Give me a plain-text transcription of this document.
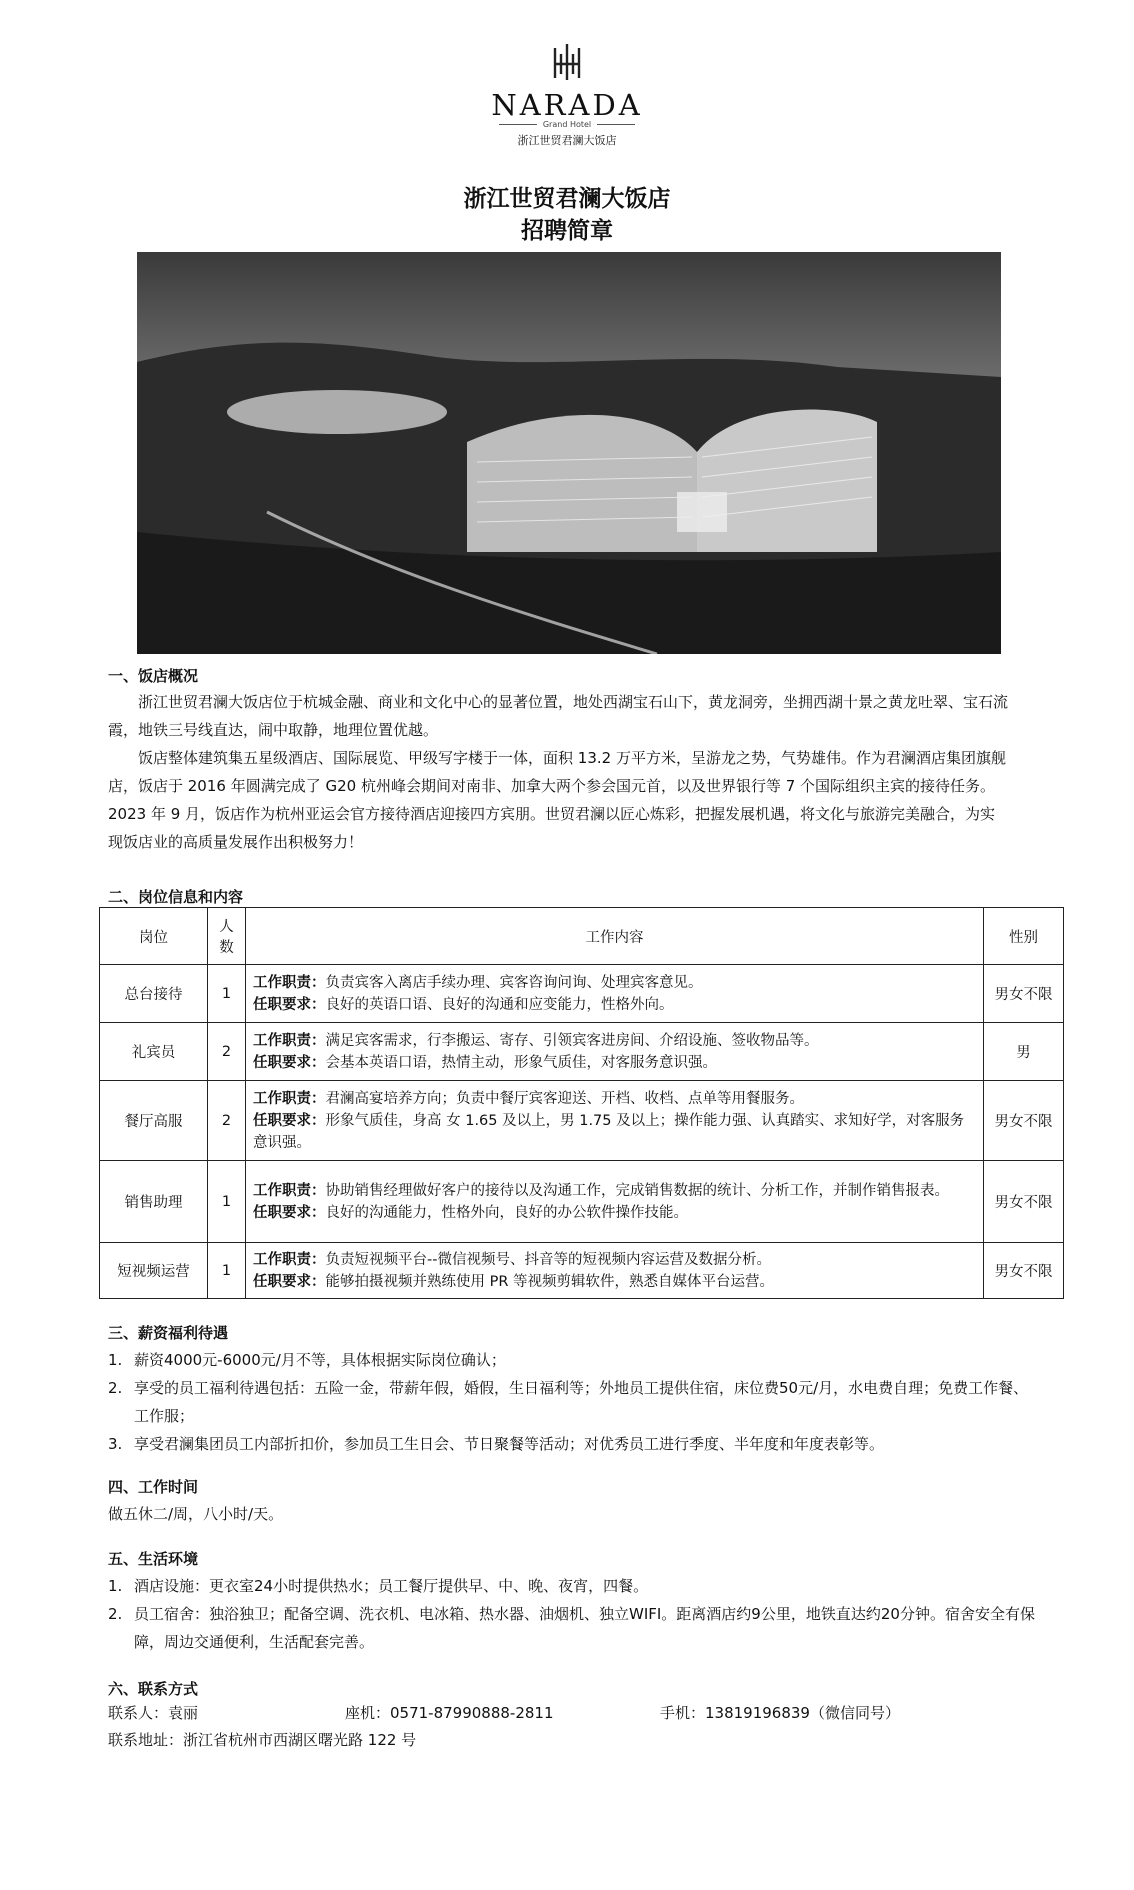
NARADA
Grand Hotel
浙江世贸君澜大饭店
浙江世贸君澜大饭店
招聘简章
一、饭店概况
浙江世贸君澜大饭店位于杭城金融、商业和文化中心的显著位置，地处西湖宝石山下，黄龙洞旁，坐拥西湖十景之黄龙吐翠、宝石流霞，地铁三号线直达，闹中取静，地理位置优越。
饭店整体建筑集五星级酒店、国际展览、甲级写字楼于一体，面积 13.2 万平方米，呈游龙之势，气势雄伟。作为君澜酒店集团旗舰店，饭店于 2016 年圆满完成了 G20 杭州峰会期间对南非、加拿大两个参会国元首，以及世界银行等 7 个国际组织主宾的接待任务。2023 年 9 月，饭店作为杭州亚运会官方接待酒店迎接四方宾朋。世贸君澜以匠心炼彩，把握发展机遇，将文化与旅游完美融合，为实现饭店业的高质量发展作出积极努力！
二、岗位信息和内容
岗位	人数	工作内容	性别
总台接待	1	工作职责：负责宾客入离店手续办理、宾客咨询问询、处理宾客意见。
任职要求：良好的英语口语、良好的沟通和应变能力，性格外向。	男女不限
礼宾员	2	工作职责：满足宾客需求，行李搬运、寄存、引领宾客进房间、介绍设施、签收物品等。
任职要求：会基本英语口语，热情主动，形象气质佳，对客服务意识强。	男
餐厅高服	2	工作职责：君澜高宴培养方向；负责中餐厅宾客迎送、开档、收档、点单等用餐服务。
任职要求：形象气质佳，身高 女 1.65 及以上，男 1.75 及以上；操作能力强、认真踏实、求知好学，对客服务意识强。	男女不限
销售助理	1	工作职责：协助销售经理做好客户的接待以及沟通工作，完成销售数据的统计、分析工作，并制作销售报表。
任职要求：良好的沟通能力，性格外向，良好的办公软件操作技能。	男女不限
短视频运营	1	工作职责：负责短视频平台--微信视频号、抖音等的短视频内容运营及数据分析。
任职要求：能够拍摄视频并熟练使用 PR 等视频剪辑软件，熟悉自媒体平台运营。	男女不限
三、薪资福利待遇
1. 薪资4000元-6000元/月不等，具体根据实际岗位确认；
2. 享受的员工福利待遇包括：五险一金，带薪年假，婚假，生日福利等；外地员工提供住宿，床位费50元/月，水电费自理；免费工作餐、工作服；
3. 享受君澜集团员工内部折扣价，参加员工生日会、节日聚餐等活动；对优秀员工进行季度、半年度和年度表彰等。
四、工作时间
做五休二/周，八小时/天。
五、生活环境
1. 酒店设施：更衣室24小时提供热水；员工餐厅提供早、中、晚、夜宵，四餐。
2. 员工宿舍：独浴独卫；配备空调、洗衣机、电冰箱、热水器、油烟机、独立WIFI。距离酒店约9公里，地铁直达约20分钟。宿舍安全有保障，周边交通便利，生活配套完善。
六、联系方式
联系人：袁丽	座机：0571-87990888-2811	手机：13819196839（微信同号）
联系地址：浙江省杭州市西湖区曙光路 122 号
